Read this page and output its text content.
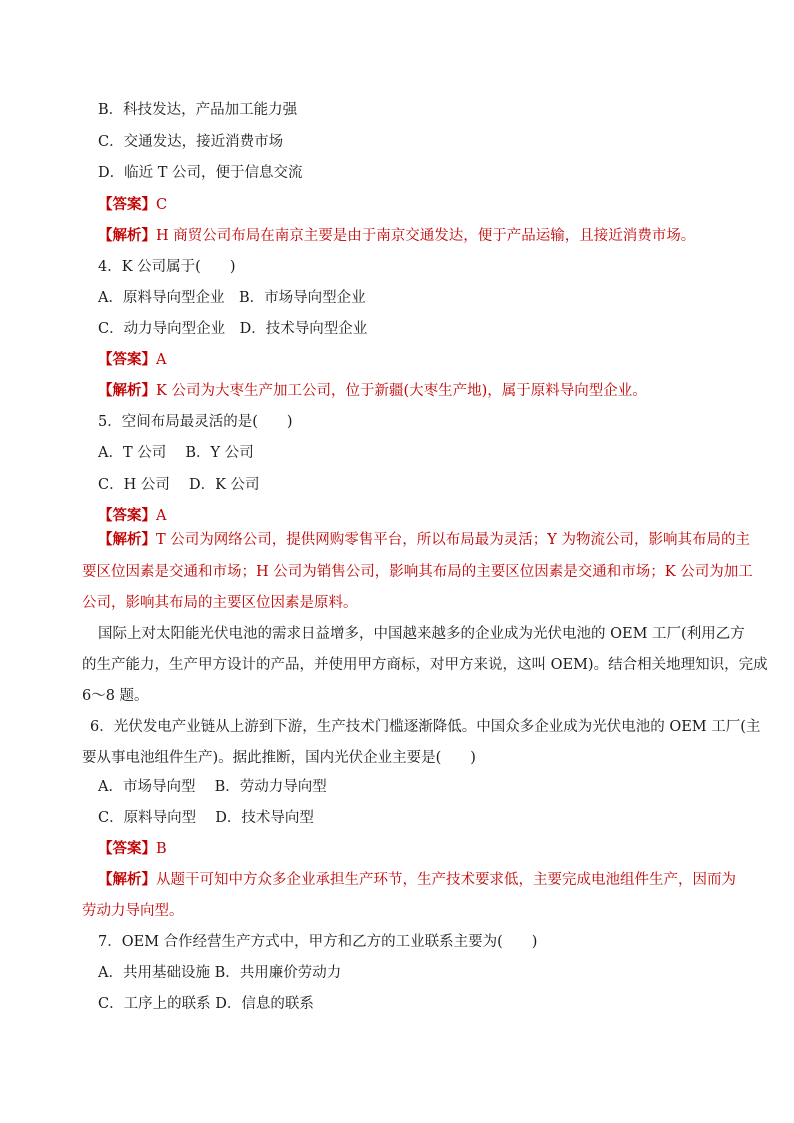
B．科技发达，产品加工能力强
C．交通发达，接近消费市场
D．临近 T 公司，便于信息交流
【答案】C
【解析】H 商贸公司布局在南京主要是由于南京交通发达，便于产品运输，且接近消费市场。
4．K 公司属于(　　)
A．原料导向型企业　B．市场导向型企业
C．动力导向型企业　D．技术导向型企业
【答案】A
【解析】K 公司为大枣生产加工公司，位于新疆(大枣生产地)，属于原料导向型企业。
5．空间布局最灵活的是(　　)
A．T 公司　 B．Y 公司
C．H 公司　 D．K 公司
【答案】A
【解析】T 公司为网络公司，提供网购零售平台，所以布局最为灵活；Y 为物流公司，影响其布局的主
要区位因素是交通和市场；H 公司为销售公司，影响其布局的主要区位因素是交通和市场；K 公司为加工
公司，影响其布局的主要区位因素是原料。
国际上对太阳能光伏电池的需求日益增多，中国越来越多的企业成为光伏电池的 OEM 工厂(利用乙方
的生产能力，生产甲方设计的产品，并使用甲方商标，对甲方来说，这叫 OEM)。结合相关地理知识，完成
6～8 题。
6．光伏发电产业链从上游到下游，生产技术门槛逐渐降低。中国众多企业成为光伏电池的 OEM 工厂(主
要从事电池组件生产)。据此推断，国内光伏企业主要是(　　)
A．市场导向型　 B．劳动力导向型
C．原料导向型　 D．技术导向型
【答案】B
【解析】从题干可知中方众多企业承担生产环节，生产技术要求低，主要完成电池组件生产，因而为
劳动力导向型。
7．OEM 合作经营生产方式中，甲方和乙方的工业联系主要为(　　)
A．共用基础设施 B．共用廉价劳动力
C．工序上的联系 D．信息的联系
